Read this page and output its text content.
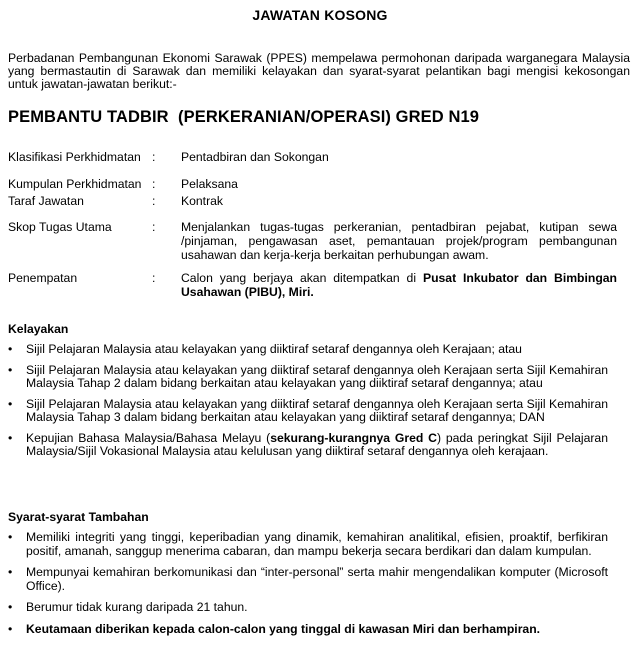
JAWATAN KOSONG
Perbadanan Pembangunan Ekonomi Sarawak (PPES) mempelawa permohonan daripada warganegara Malaysia yang bermastautin di Sarawak dan memiliki kelayakan dan syarat-syarat pelantikan bagi mengisi kekosongan untuk jawatan-jawatan berikut:-
PEMBANTU TADBIR  (PERKERANIAN/OPERASI) GRED N19
Klasifikasi Perkhidmatan : Pentadbiran dan Sokongan
Kumpulan Perkhidmatan : Pelaksana
Taraf Jawatan	: Kontrak
Skop Tugas Utama	: Menjalankan tugas-tugas perkeranian, pentadbiran pejabat, kutipan sewa /pinjaman, pengawasan aset, pemantauan projek/program pembangunan usahawan dan kerja-kerja berkaitan perhubungan awam.
Penempatan	: Calon yang berjaya akan ditempatkan di Pusat Inkubator dan Bimbingan Usahawan (PIBU), Miri.
Kelayakan
• Sijil Pelajaran Malaysia atau kelayakan yang diiktiraf setaraf dengannya oleh Kerajaan; atau
• Sijil Pelajaran Malaysia atau kelayakan yang diiktiraf setaraf dengannya oleh Kerajaan serta Sijil Kemahiran Malaysia Tahap 2 dalam bidang berkaitan atau kelayakan yang diiktiraf setaraf dengannya; atau
• Sijil Pelajaran Malaysia atau kelayakan yang diiktiraf setaraf dengannya oleh Kerajaan serta Sijil Kemahiran Malaysia Tahap 3 dalam bidang berkaitan atau kelayakan yang diiktiraf setaraf dengannya; DAN
• Kepujian Bahasa Malaysia/Bahasa Melayu (sekurang-kurangnya Gred C) pada peringkat Sijil Pelajaran Malaysia/Sijil Vokasional Malaysia atau kelulusan yang diiktiraf setaraf dengannya oleh kerajaan.
Syarat-syarat Tambahan
• Memiliki integriti yang tinggi, keperibadian yang dinamik, kemahiran analitikal, efisien, proaktif, berfikiran positif, amanah, sanggup menerima cabaran, dan mampu bekerja secara berdikari dan dalam kumpulan.
• Mempunyai kemahiran berkomunikasi dan “inter-personal” serta mahir mengendalikan komputer (Microsoft Office).
• Berumur tidak kurang daripada 21 tahun.
• Keutamaan diberikan kepada calon-calon yang tinggal di kawasan Miri dan berhampiran.
